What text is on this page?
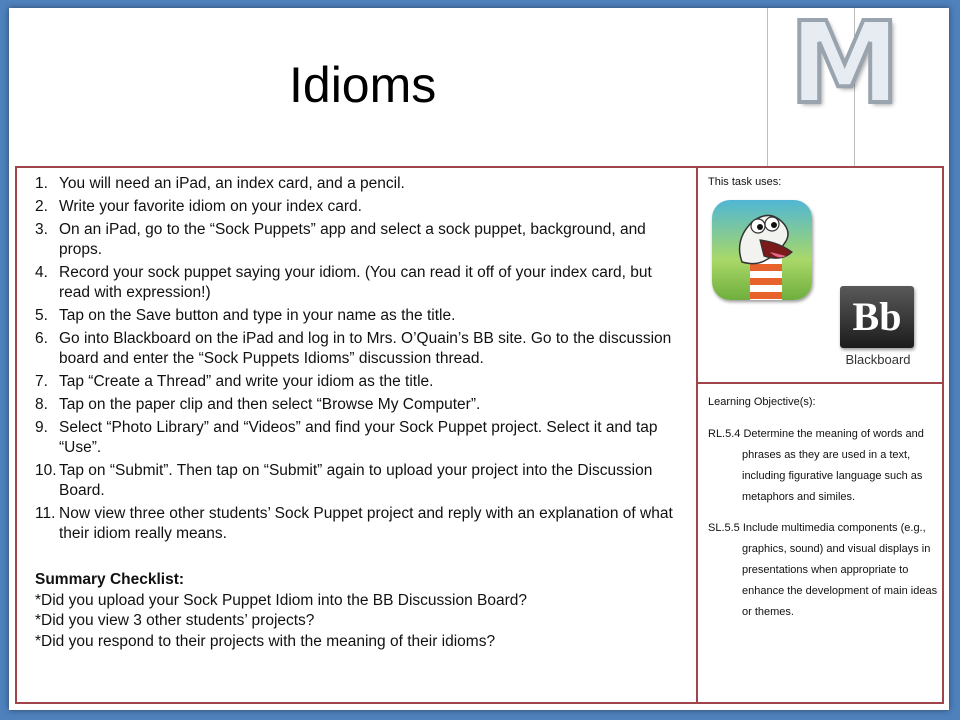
M
Idioms
1. You will need an iPad, an index card, and a pencil.
2. Write your favorite idiom on your index card.
3. On an iPad, go to the “Sock Puppets” app and select a sock puppet, background, and props.
4. Record your sock puppet saying your idiom. (You can read it off of your index card, but read with expression!)
5. Tap on the Save button and type in your name as the title.
6. Go into Blackboard on the iPad and log in to Mrs. O’Quain’s BB site. Go to the discussion board and enter the “Sock Puppets Idioms” discussion thread.
7. Tap “Create a Thread” and write your idiom as the title.
8. Tap on the paper clip and then select “Browse My Computer”.
9. Select “Photo Library” and “Videos” and find your Sock Puppet project. Select it and tap “Use”.
10. Tap on “Submit”. Then tap on “Submit” again to upload your project into the Discussion Board.
11. Now view three other students’ Sock Puppet project and reply with an explanation of what their idiom really means.
Summary Checklist:
*Did you upload your Sock Puppet Idiom into the BB Discussion Board?
*Did you view 3 other students’ projects?
*Did you respond to their projects with the meaning of their idioms?
This task uses:
Bb
Blackboard
Learning Objective(s):

RL.5.4 Determine the meaning of words and phrases as they are used in a text, including figurative language such as metaphors and similes.

SL.5.5 Include multimedia components (e.g., graphics, sound) and visual displays in presentations when appropriate to enhance the development of main ideas or themes.
